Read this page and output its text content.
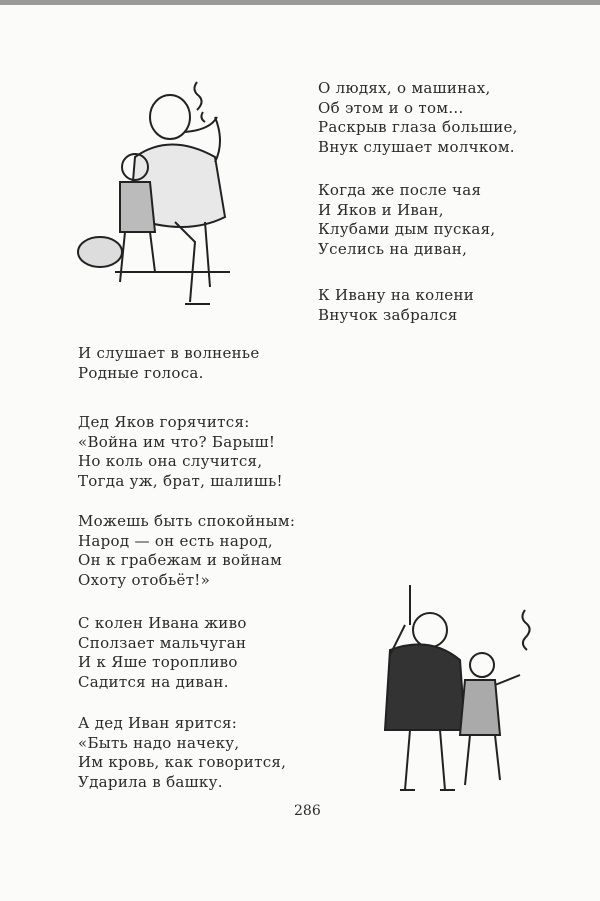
О людях, о машинах,
Об этом и о том...
Раскрыв глаза большие,
Внук слушает молчком.
Когда же после чая
И Яков и Иван,
Клубами дым пуская,
Уселись на диван,
К Ивану на колени
Внучок забрался
И слушает в волненье
Родные голоса.
Дед Яков горячится:
«Война им что? Барыш!
Но коль она случится,
Тогда уж, брат, шалишь!
Можешь быть спокойным:
Народ — он есть народ,
Он к грабежам и войнам
Охоту отобьёт!»
С колен Ивана живо
Сползает мальчуган
И к Яше торопливо
Садится на диван.
А дед Иван ярится:
«Быть надо начеку,
Им кровь, как говорится,
Ударила в башку.
286
